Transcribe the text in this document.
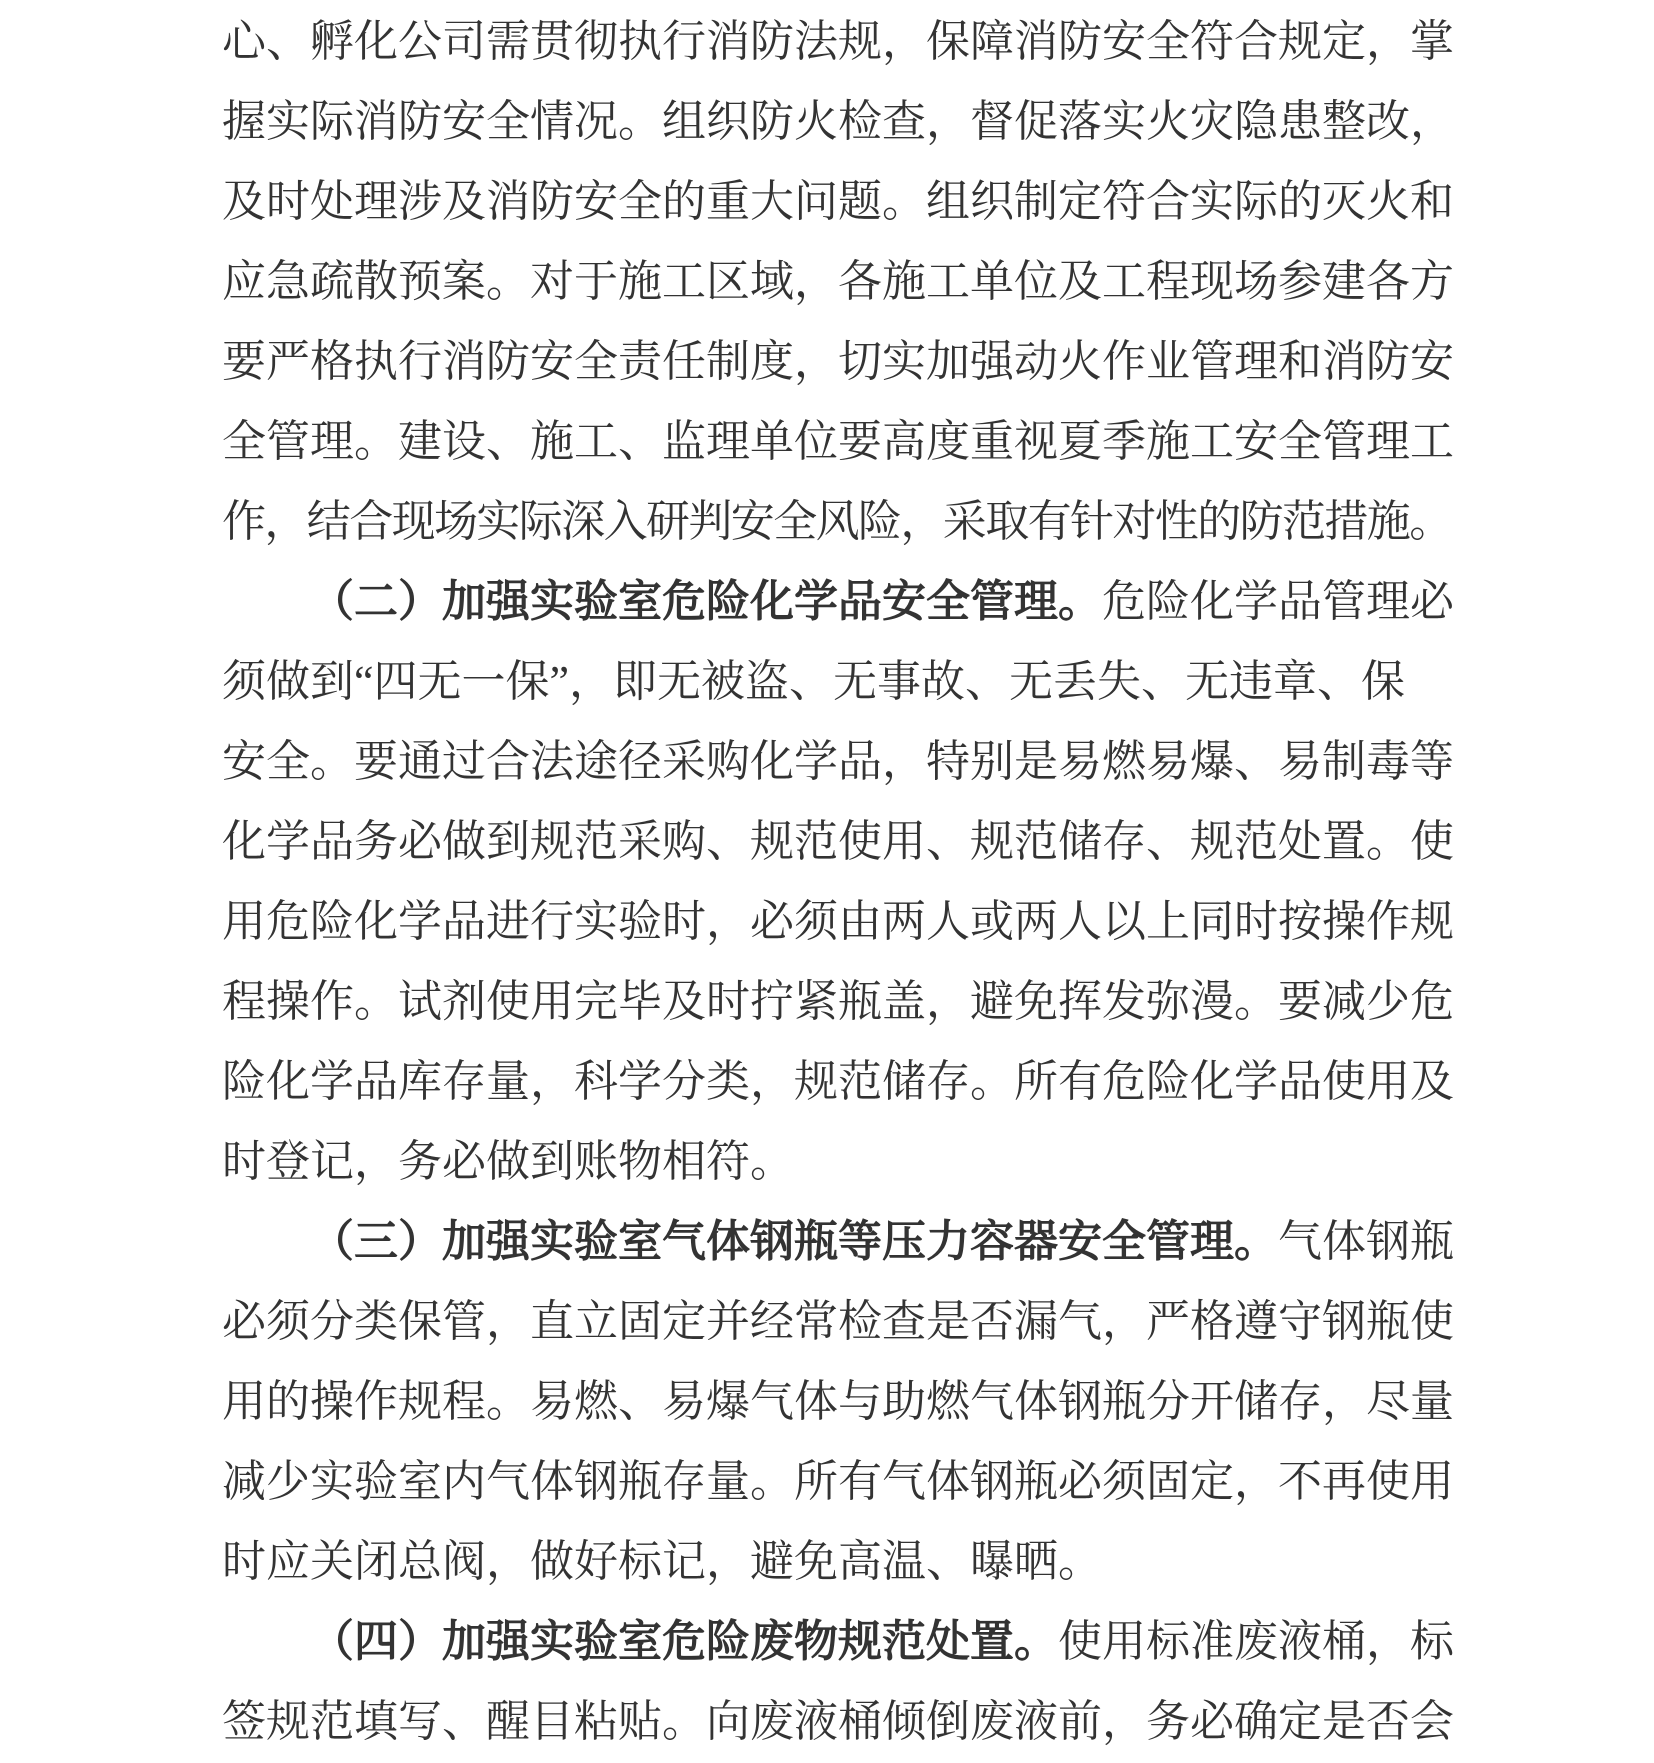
心、孵化公司需贯彻执行消防法规，保障消防安全符合规定，掌
握实际消防安全情况。组织防火检查，督促落实火灾隐患整改，
及时处理涉及消防安全的重大问题。组织制定符合实际的灭火和
应急疏散预案。对于施工区域，各施工单位及工程现场参建各方
要严格执行消防安全责任制度，切实加强动火作业管理和消防安
全管理。建设、施工、监理单位要高度重视夏季施工安全管理工
作，结合现场实际深入研判安全风险，采取有针对性的防范措施。
（二）加强实验室危险化学品安全管理。危险化学品管理必
须做到“四无一保”，即无被盗、无事故、无丢失、无违章、保
安全。要通过合法途径采购化学品，特别是易燃易爆、易制毒等
化学品务必做到规范采购、规范使用、规范储存、规范处置。使
用危险化学品进行实验时，必须由两人或两人以上同时按操作规
程操作。试剂使用完毕及时拧紧瓶盖，避免挥发弥漫。要减少危
险化学品库存量，科学分类，规范储存。所有危险化学品使用及
时登记，务必做到账物相符。
（三）加强实验室气体钢瓶等压力容器安全管理。气体钢瓶
必须分类保管，直立固定并经常检查是否漏气，严格遵守钢瓶使
用的操作规程。易燃、易爆气体与助燃气体钢瓶分开储存，尽量
减少实验室内气体钢瓶存量。所有气体钢瓶必须固定，不再使用
时应关闭总阀，做好标记，避免高温、曝晒。
（四）加强实验室危险废物规范处置。使用标准废液桶，标
签规范填写、醒目粘贴。向废液桶倾倒废液前，务必确定是否会
